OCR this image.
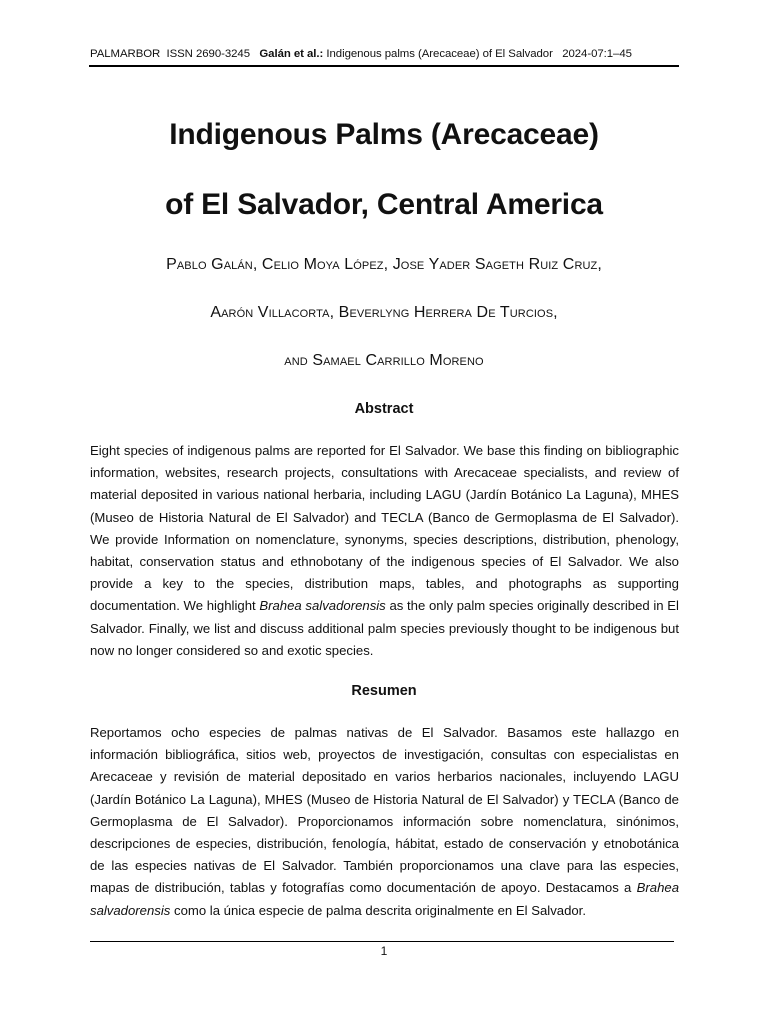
PALMARBOR ISSN 2690-3245 Galán et al.: Indigenous palms (Arecaceae) of El Salvador 2024-07:1–45
Indigenous Palms (Arecaceae)
of El Salvador, Central America
Pablo Galán, Celio Moya López, Jose Yader Sageth Ruiz Cruz,
Aarón Villacorta, Beverlyng Herrera De Turcios,
and Samael Carrillo Moreno
Abstract

Eight species of indigenous palms are reported for El Salvador. We base this finding on bibliographic information, websites, research projects, consultations with Arecaceae specialists, and review of material deposited in various national herbaria, including LAGU (Jardín Botánico La Laguna), MHES (Museo de Historia Natural de El Salvador) and TECLA (Banco de Germoplasma de El Salvador). We provide Information on nomenclature, synonyms, species descriptions, distribution, phenology, habitat, conservation status and ethnobotany of the indigenous species of El Salvador. We also provide a key to the species, distribution maps, tables, and photographs as supporting documentation. We highlight Brahea salvadorensis as the only palm species originally described in El Salvador. Finally, we list and discuss additional palm species previously thought to be indigenous but now no longer considered so and exotic species.

Resumen

Reportamos ocho especies de palmas nativas de El Salvador. Basamos este hallazgo en información bibliográfica, sitios web, proyectos de investigación, consultas con especialistas en Arecaceae y revisión de material depositado en varios herbarios nacionales, incluyendo LAGU (Jardín Botánico La Laguna), MHES (Museo de Historia Natural de El Salvador) y TECLA (Banco de Germoplasma de El Salvador). Proporcionamos información sobre nomenclatura, sinónimos, descripciones de especies, distribución, fenología, hábitat, estado de conservación y etnobotánica de las especies nativas de El Salvador. También proporcionamos una clave para las especies, mapas de distribución, tablas y fotografías como documentación de apoyo. Destacamos a Brahea salvadorensis como la única especie de palma descrita originalmente en El Salvador.

1
